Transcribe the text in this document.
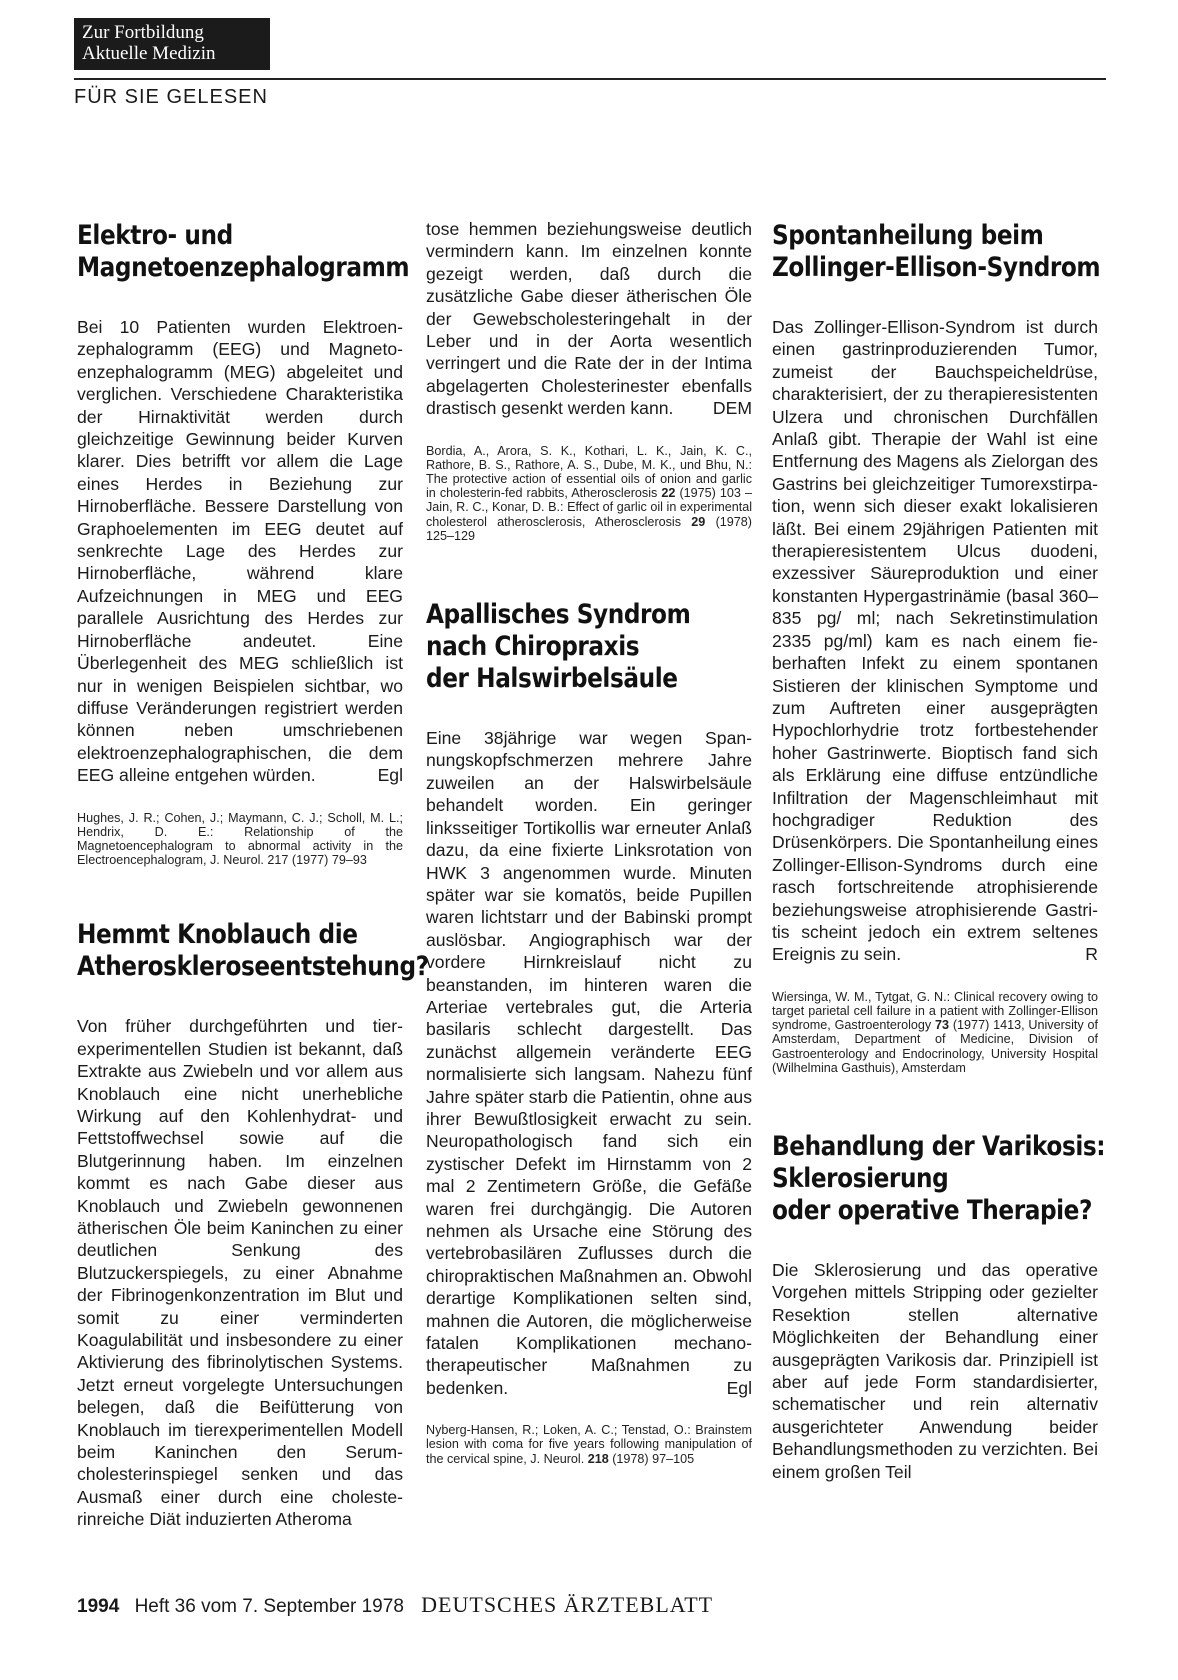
Zur Fortbildung
Aktuelle Medizin
FÜR SIE GELESEN
Elektro- und
Magnetoenzephalogramm

Bei 10 Patienten wurden Elektroenzephalogramm (EEG) und Magnetoenzephalogramm (MEG) abgeleitet und verglichen. Verschiedene Charakteristika der Hirnaktivität werden durch gleichzeitige Gewinnung beider Kurven klarer. Dies betrifft vor allem die Lage eines Herdes in Beziehung zur Hirnoberfläche. Bessere Darstellung von Graphoelementen im EEG deutet auf senkrechte Lage des Herdes zur Hirnoberfläche, während klare Aufzeichnungen in MEG und EEG parallele Ausrichtung des Herdes zur Hirnoberfläche andeutet. Eine Überlegenheit des MEG schließlich ist nur in wenigen Beispielen sichtbar, wo diffuse Veränderungen registriert werden können neben umschriebenen elektroenzephalographischen, die dem EEG alleine entgehen würden.	Egl

Hughes, J. R.; Cohen, J.; Maymann, C. J.; Scholl, M. L.; Hendrix, D. E.: Relationship of the Magnetoencephalogram to abnormal activity in the Electroencephalogram, J. Neurol. 217 (1977) 79–93

Hemmt Knoblauch die
Atheroskleroseentstehung?

Von früher durchgeführten und tierexperimentellen Studien ist bekannt, daß Extrakte aus Zwiebeln und vor allem aus Knoblauch eine nicht unerhebliche Wirkung auf den Kohlenhydrat- und Fettstoffwechsel sowie auf die Blutgerinnung haben. Im einzelnen kommt es nach Gabe dieser aus Knoblauch und Zwiebeln gewonnenen ätherischen Öle beim Kaninchen zu einer deutlichen Senkung des Blutzuckerspiegels, zu einer Abnahme der Fibrinogenkonzentration im Blut und somit zu einer verminderten Koagulabilität und insbesondere zu einer Aktivierung des fibrinolytischen Systems. Jetzt erneut vorgelegte Untersuchungen belegen, daß die Beifütterung von Knoblauch im tierexperimentellen Modell beim Kaninchen den Serumcholesterinspiegel senken und das Ausmaß einer durch eine cholesterinreiche Diät induzierten Atheroma

tose hemmen beziehungsweise deutlich vermindern kann. Im einzelnen konnte gezeigt werden, daß durch die zusätzliche Gabe dieser ätherischen Öle der Gewebscholesteringehalt in der Leber und in der Aorta wesentlich verringert und die Rate der in der Intima abgelagerten Cholesterinester ebenfalls drastisch gesenkt werden kann. DEM

Bordia, A., Arora, S. K., Kothari, L. K., Jain, K. C., Rathore, B. S., Rathore, A. S., Dube, M. K., und Bhu, N.: The protective action of essential oils of onion and garlic in cholesterin-fed rabbits, Atherosclerosis 22 (1975) 103 – Jain, R. C., Konar, D. B.: Effect of garlic oil in experimental cholesterol atherosclerosis, Atherosclerosis 29 (1978) 125–129

Apallisches Syndrom
nach Chiropraxis
der Halswirbelsäule

Eine 38jährige war wegen Spannungskopfschmerzen mehrere Jahre zuweilen an der Halswirbelsäule behandelt worden. Ein geringer linksseitiger Tortikollis war erneuter Anlaß dazu, da eine fixierte Linksrotation von HWK 3 angenommen wurde. Minuten später war sie komatös, beide Pupillen waren lichtstarr und der Babinski prompt auslösbar. Angiographisch war der vordere Hirnkreislauf nicht zu beanstanden, im hinteren waren die Arteriae vertebrales gut, die Arteria basilaris schlecht dargestellt. Das zunächst allgemein veränderte EEG normalisierte sich langsam. Nahezu fünf Jahre später starb die Patientin, ohne aus ihrer Bewußtlosigkeit erwacht zu sein. Neuropathologisch fand sich ein zystischer Defekt im Hirnstamm von 2 mal 2 Zentimetern Größe, die Gefäße waren frei durchgängig. Die Autoren nehmen als Ursache eine Störung des vertebrobasilären Zuflusses durch die chiropraktischen Maßnahmen an. Obwohl derartige Komplikationen selten sind, mahnen die Autoren, die möglicherweise fatalen Komplikationen mechano-therapeutischer Maßnahmen zu bedenken.	Egl

Nyberg-Hansen, R.; Loken, A. C.; Tenstad, O.: Brainstem lesion with coma for five years following manipulation of the cervical spine, J. Neurol. 218 (1978) 97–105

Spontanheilung beim
Zollinger-Ellison-Syndrom

Das Zollinger-Ellison-Syndrom ist durch einen gastrinproduzierenden Tumor, zumeist der Bauchspeicheldrüse, charakterisiert, der zu therapieresistenten Ulzera und chronischen Durchfällen Anlaß gibt. Therapie der Wahl ist eine Entfernung des Magens als Zielorgan des Gastrins bei gleichzeitiger Tumorexstirpation, wenn sich dieser exakt lokalisieren läßt. Bei einem 29jährigen Patienten mit therapieresistentem Ulcus duodeni, exzessiver Säureproduktion und einer konstanten Hypergastrinämie (basal 360–835 pg/ ml; nach Sekretinstimulation 2335 pg/ml) kam es nach einem fieberhaften Infekt zu einem spontanen Sistieren der klinischen Symptome und zum Auftreten einer ausgeprägten Hypochlorhydrie trotz fortbestehender hoher Gastrinwerte. Bioptisch fand sich als Erklärung eine diffuse entzündliche Infiltration der Magenschleimhaut mit hochgradiger Reduktion des Drüsenkörpers. Die Spontanheilung eines Zollinger-Ellison-Syndroms durch eine rasch fortschreitende atrophisierende beziehungsweise atrophisierende Gastritis scheint jedoch ein extrem seltenes Ereignis zu sein.	R

Wiersinga, W. M., Tytgat, G. N.: Clinical recovery owing to target parietal cell failure in a patient with Zollinger-Ellison syndrome, Gastroenterology 73 (1977) 1413, University of Amsterdam, Department of Medicine, Division of Gastroenterology and Endocrinology, University Hospital (Wilhelmina Gasthuis), Amsterdam

Behandlung der Varikosis:
Sklerosierung
oder operative Therapie?

Die Sklerosierung und das operative Vorgehen mittels Stripping oder gezielter Resektion stellen alternative Möglichkeiten der Behandlung einer ausgeprägten Varikosis dar. Prinzipiell ist aber auf jede Form standardisierter, schematischer und rein alternativ ausgerichteter Anwendung beider Behandlungsmethoden zu verzichten. Bei einem großen Teil

1994 Heft 36 vom 7. September 1978 DEUTSCHES ÄRZTEBLATT
